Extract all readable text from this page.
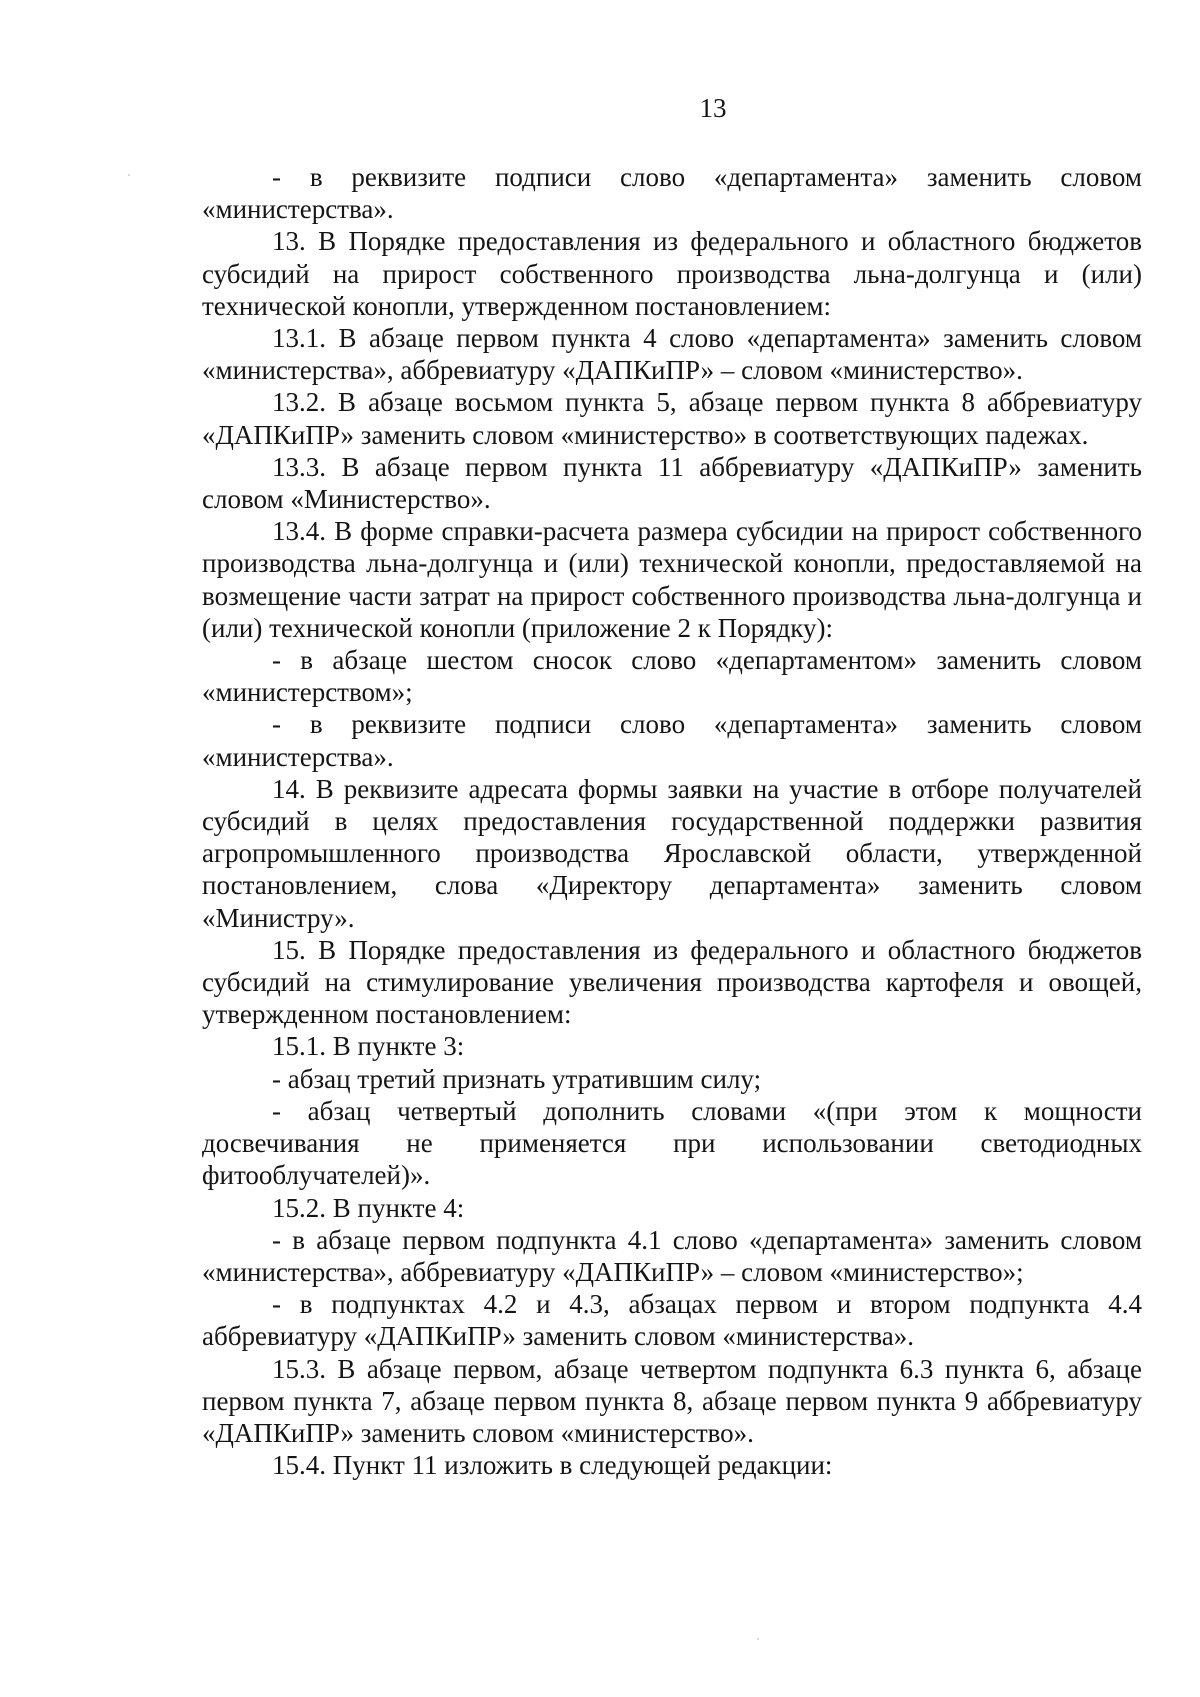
13

- в реквизите подписи слово «департамента» заменить словом «министерства».

13. В Порядке предоставления из федерального и областного бюджетов субсидий на прирост собственного производства льна-долгунца и (или) технической конопли, утвержденном постановлением:

13.1. В абзаце первом пункта 4 слово «департамента» заменить словом «министерства», аббревиатуру «ДАПКиПР» – словом «министерство».

13.2. В абзаце восьмом пункта 5, абзаце первом пункта 8 аббревиатуру «ДАПКиПР» заменить словом «министерство» в соответствующих падежах.

13.3. В абзаце первом пункта 11 аббревиатуру «ДАПКиПР» заменить словом «Министерство».

13.4. В форме справки-расчета размера субсидии на прирост собственного производства льна-долгунца и (или) технической конопли, предоставляемой на возмещение части затрат на прирост собственного производства льна-долгунца и (или) технической конопли (приложение 2 к Порядку):

- в абзаце шестом сносок слово «департаментом» заменить словом «министерством»;

- в реквизите подписи слово «департамента» заменить словом «министерства».

14. В реквизите адресата формы заявки на участие в отборе получателей субсидий в целях предоставления государственной поддержки развития агропромышленного производства Ярославской области, утвержденной постановлением, слова «Директору департамента» заменить словом «Министру».

15. В Порядке предоставления из федерального и областного бюджетов субсидий на стимулирование увеличения производства картофеля и овощей, утвержденном постановлением:

15.1. В пункте 3:

- абзац третий признать утратившим силу;

- абзац четвертый дополнить словами «(при этом к мощности досвечивания не применяется при использовании светодиодных фитооблучателей)».

15.2. В пункте 4:

- в абзаце первом подпункта 4.1 слово «департамента» заменить словом «министерства», аббревиатуру «ДАПКиПР» – словом «министерство»;

- в подпунктах 4.2 и 4.3, абзацах первом и втором подпункта 4.4 аббревиатуру «ДАПКиПР» заменить словом «министерства».

15.3. В абзаце первом, абзаце четвертом подпункта 6.3 пункта 6, абзаце первом пункта 7, абзаце первом пункта 8, абзаце первом пункта 9 аббревиатуру «ДАПКиПР» заменить словом «министерство».

15.4. Пункт 11 изложить в следующей редакции:
